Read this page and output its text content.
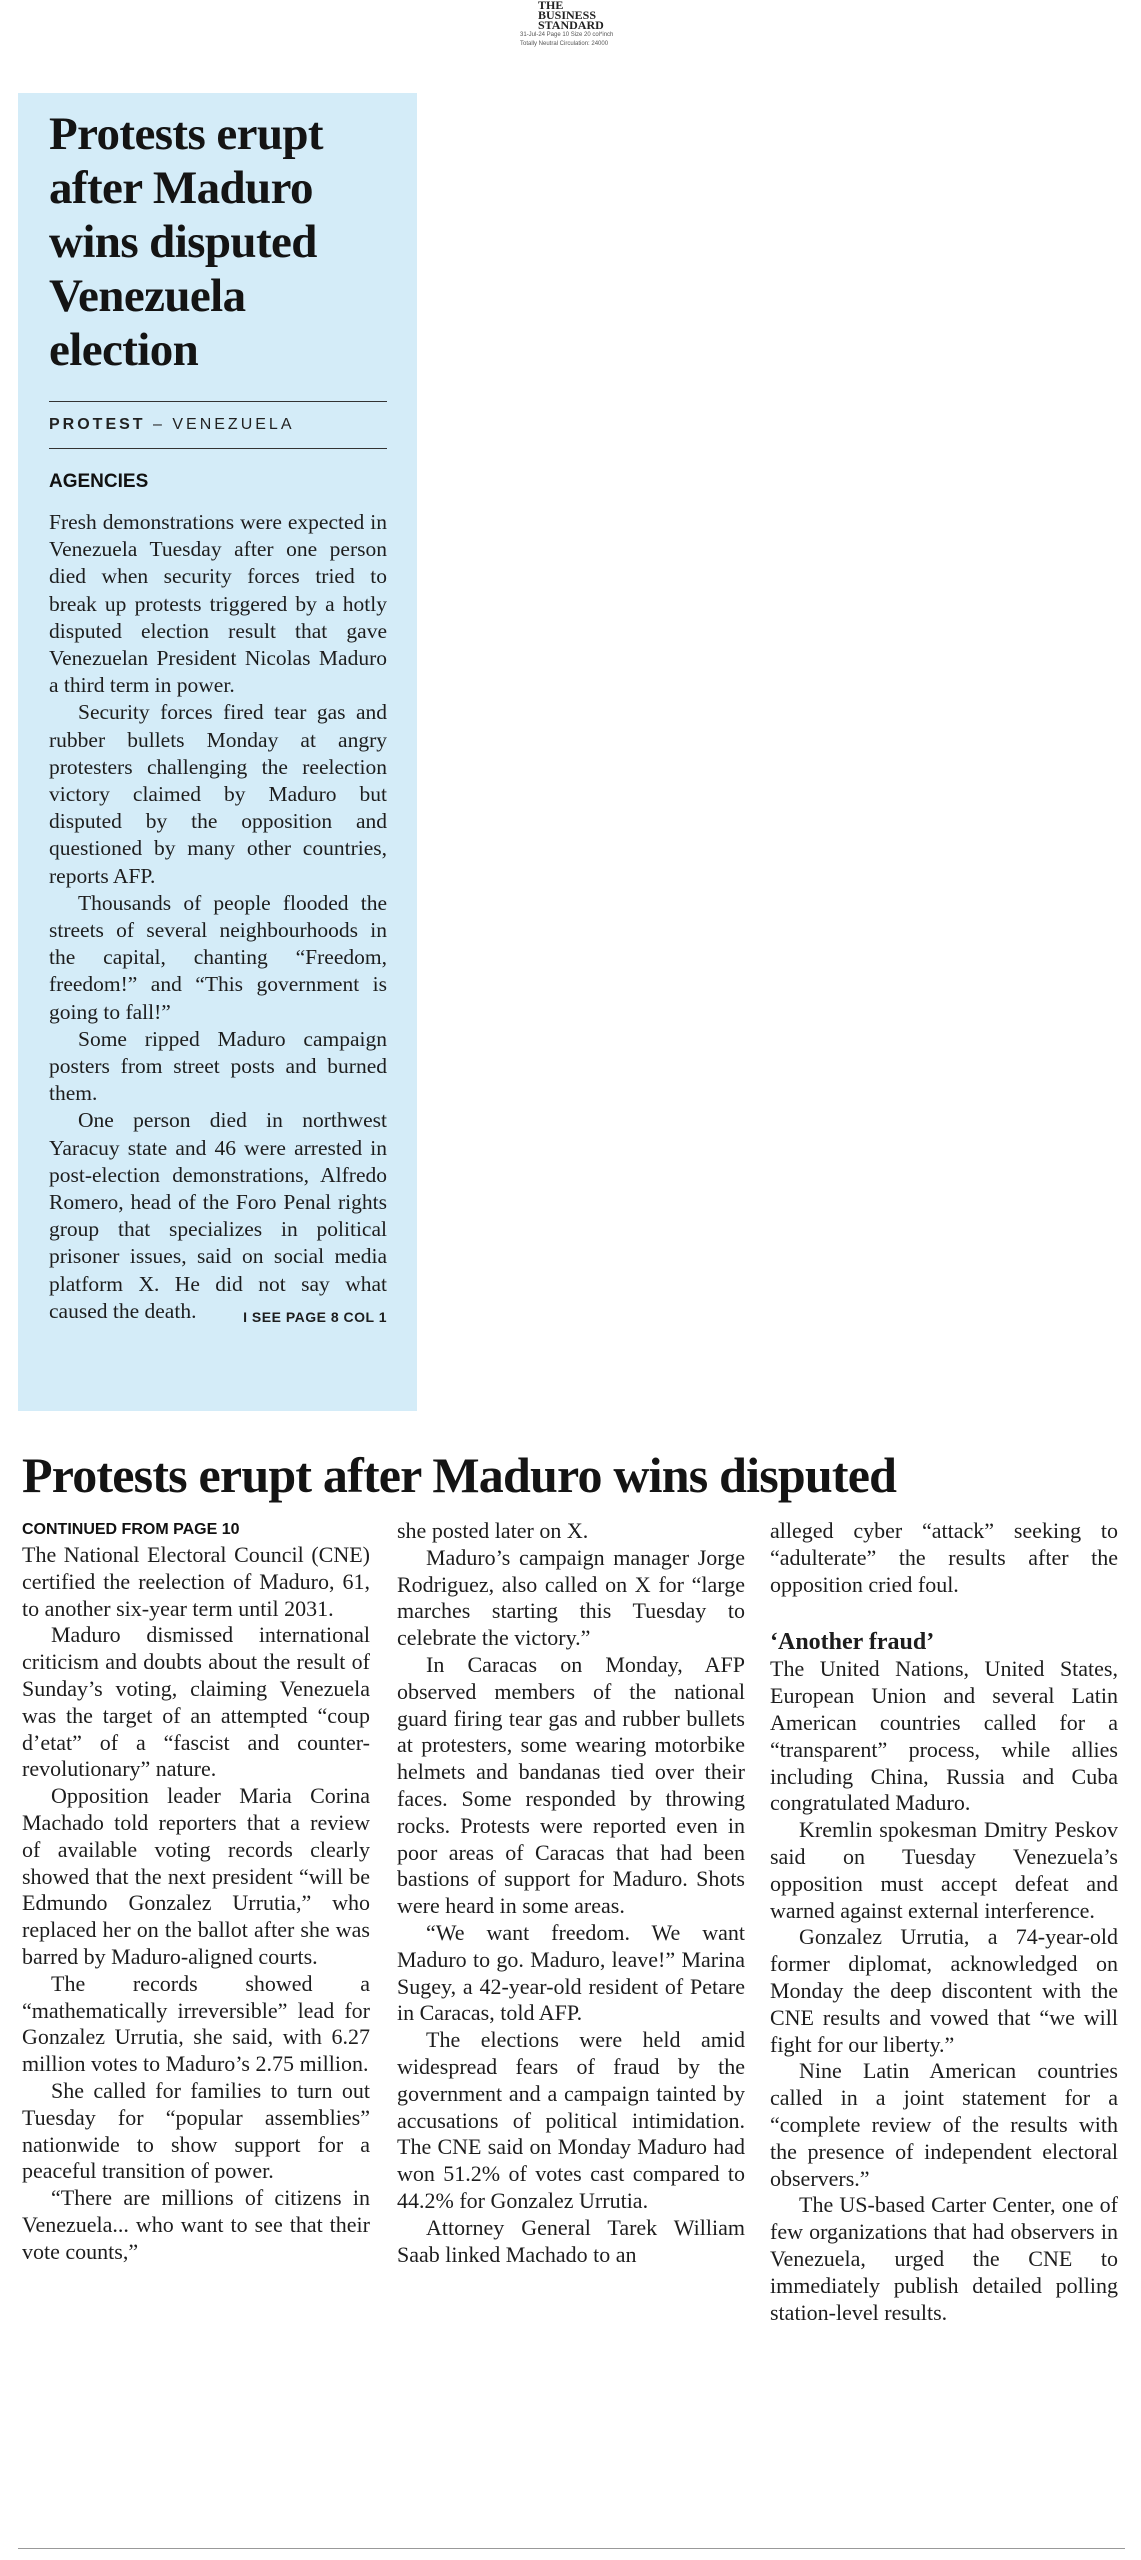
THE
BUSINESS
STANDARD
31-Jul-24 Page 10 Size 20 col*inch
Totally Neutral Circulation: 24000
Protests erupt after Maduro wins disputed Venezuela election
PROTEST – VENEZUELA
AGENCIES

Fresh demonstrations were expected in Venezuela Tuesday after one person died when security forces tried to break up protests triggered by a hotly disputed election result that gave Venezuelan President Nicolas Maduro a third term in power.

Security forces fired tear gas and rubber bullets Monday at angry protesters challenging the reelection victory claimed by Maduro but disputed by the opposition and questioned by many other countries, reports AFP.

Thousands of people flooded the streets of several neighbourhoods in the capital, chanting “Freedom, freedom!” and “This government is going to fall!”

Some ripped Maduro campaign posters from street posts and burned them.

One person died in northwest Yaracuy state and 46 were arrested in post-election demonstrations, Alfredo Romero, head of the Foro Penal rights group that specializes in political prisoner issues, said on social media platform X. He did not say what caused the death.	I SEE PAGE 8 COL 1

Protests erupt after Maduro wins disputed
CONTINUED FROM PAGE 10

The National Electoral Council (CNE) certified the reelection of Maduro, 61, to another six-year term until 2031.

Maduro dismissed international criticism and doubts about the result of Sunday’s voting, claiming Venezuela was the target of an attempted “coup d’etat” of a “fascist and counter-revolutionary” nature.

Opposition leader Maria Corina Machado told reporters that a review of available voting records clearly showed that the next president “will be Edmundo Gonzalez Urrutia,” who replaced her on the ballot after she was barred by Maduro-aligned courts.

The records showed a “mathematically irreversible” lead for Gonzalez Urrutia, she said, with 6.27 million votes to Maduro’s 2.75 million.

She called for families to turn out Tuesday for “popular assemblies” nationwide to show support for a peaceful transition of power.

“There are millions of citizens in Venezuela... who want to see that their vote counts,”

she posted later on X.

Maduro’s campaign manager Jorge Rodriguez, also called on X for “large marches starting this Tuesday to celebrate the victory.”

In Caracas on Monday, AFP observed members of the national guard firing tear gas and rubber bullets at protesters, some wearing motorbike helmets and bandanas tied over their faces. Some responded by throwing rocks. Protests were reported even in poor areas of Caracas that had been bastions of support for Maduro. Shots were heard in some areas.

“We want freedom. We want Maduro to go. Maduro, leave!” Marina Sugey, a 42-year-old resident of Petare in Caracas, told AFP.

The elections were held amid widespread fears of fraud by the government and a campaign tainted by accusations of political intimidation. The CNE said on Monday Maduro had won 51.2% of votes cast compared to 44.2% for Gonzalez Urrutia.

Attorney General Tarek William Saab linked Machado to an

alleged cyber “attack” seeking to “adulterate” the results after the opposition cried foul.

‘Another fraud’

The United Nations, United States, European Union and several Latin American countries called for a “transparent” process, while allies including China, Russia and Cuba congratulated Maduro.

Kremlin spokesman Dmitry Peskov said on Tuesday Venezuela’s opposition must accept defeat and warned against external interference.

Gonzalez Urrutia, a 74-year-old former diplomat, acknowledged on Monday the deep discontent with the CNE results and vowed that “we will fight for our liberty.”

Nine Latin American countries called in a joint statement for a “complete review of the results with the presence of independent electoral observers.”

The US-based Carter Center, one of few organizations that had observers in Venezuela, urged the CNE to immediately publish detailed polling station-level results.
